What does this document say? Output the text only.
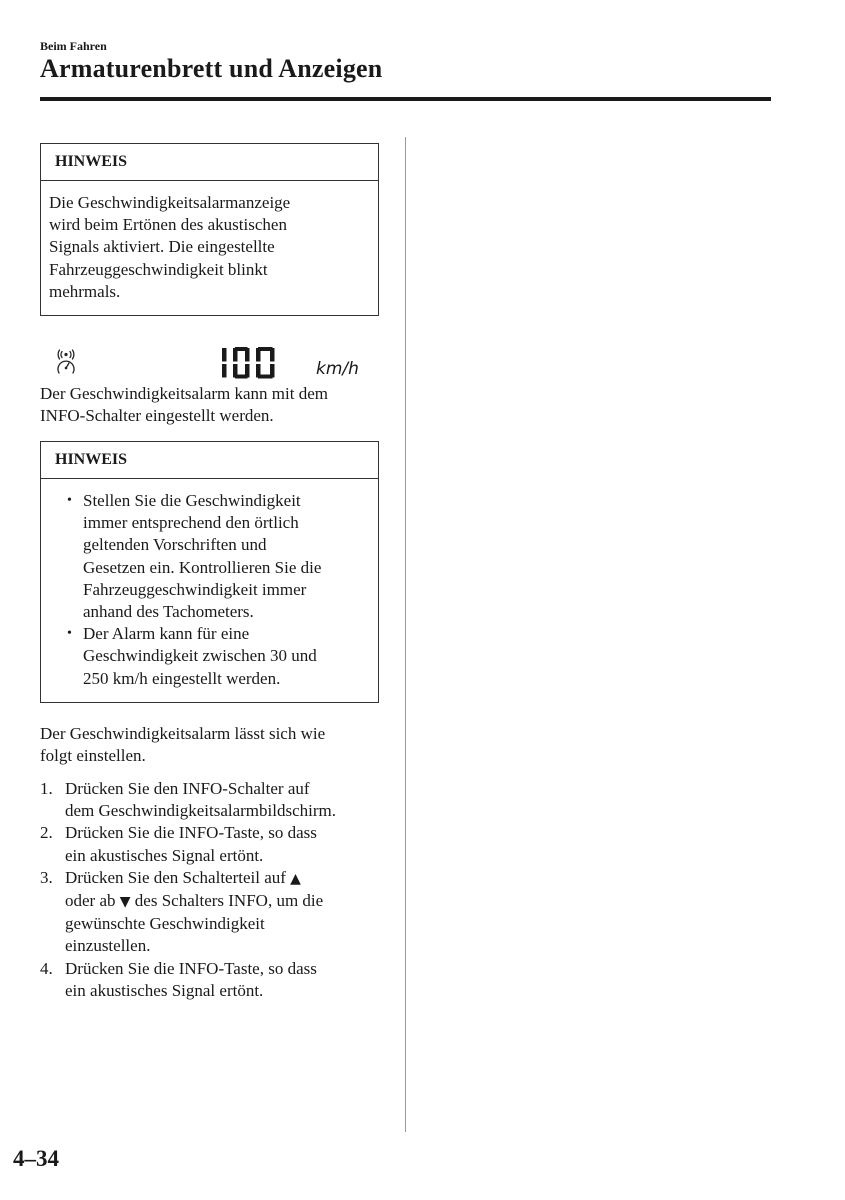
Beim Fahren
Armaturenbrett und Anzeigen
HINWEIS
Die Geschwindigkeitsalarmanzeige
wird beim Ertönen des akustischen
Signals aktiviert. Die eingestellte
Fahrzeuggeschwindigkeit blinkt
mehrmals.
km/h
Der Geschwindigkeitsalarm kann mit dem
INFO-Schalter eingestellt werden.
HINWEIS
• Stellen Sie die Geschwindigkeit
immer entsprechend den örtlich
geltenden Vorschriften und
Gesetzen ein. Kontrollieren Sie die
Fahrzeuggeschwindigkeit immer
anhand des Tachometers.
• Der Alarm kann für eine
Geschwindigkeit zwischen 30 und
250 km/h eingestellt werden.
Der Geschwindigkeitsalarm lässt sich wie
folgt einstellen.
1. Drücken Sie den INFO-Schalter auf
dem Geschwindigkeitsalarmbildschirm.
2. Drücken Sie die INFO-Taste, so dass
ein akustisches Signal ertönt.
3. Drücken Sie den Schalterteil auf ▲
oder ab ▼ des Schalters INFO, um die
gewünschte Geschwindigkeit
einzustellen.
4. Drücken Sie die INFO-Taste, so dass
ein akustisches Signal ertönt.
4–34
